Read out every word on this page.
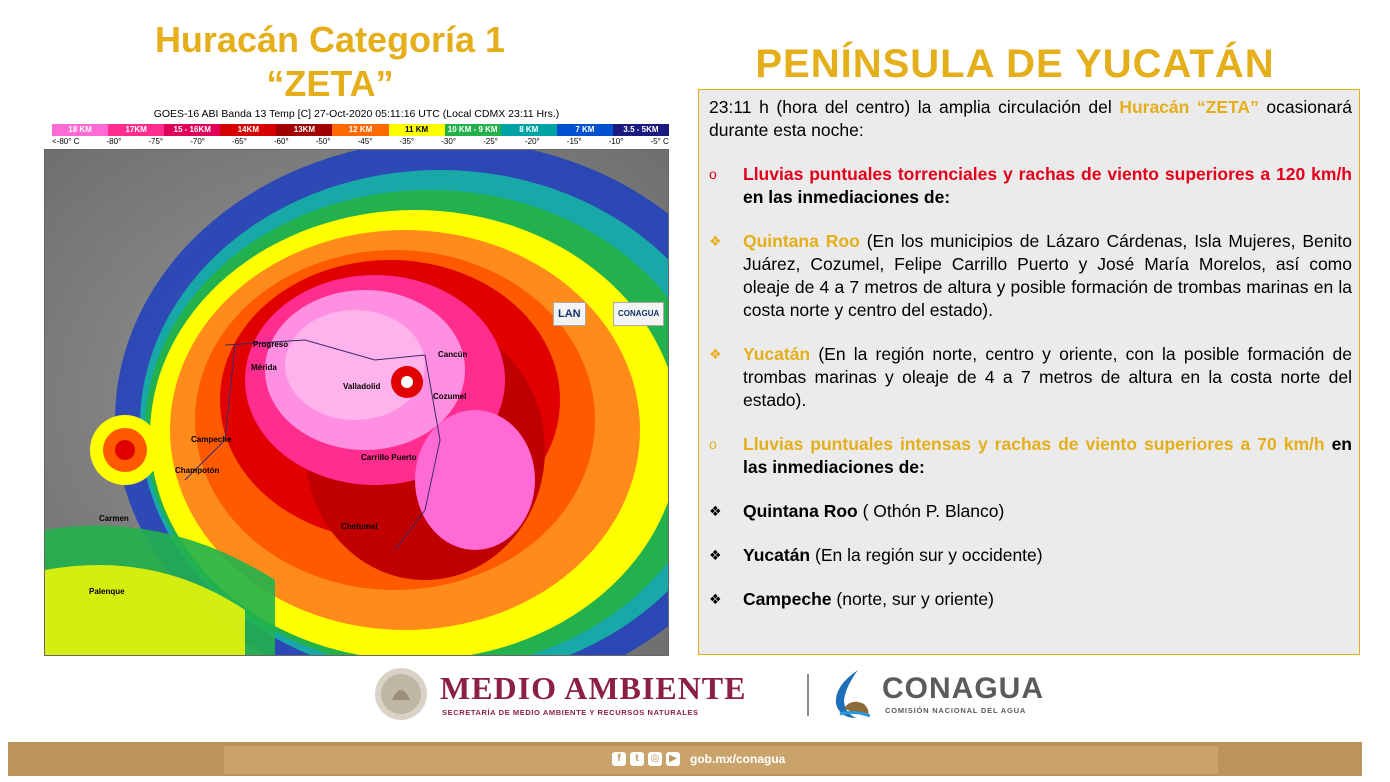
Huracán Categoría 1
“ZETA”	PENÍNSULA DE YUCATÁN
GOES-16 ABI Banda 13 Temp [C] 27-Oct-2020 05:11:16 UTC (Local CDMX 23:11 Hrs.)
18 KM	17KM	15 - 16KM	14KM	13KM	12 KM	11 KM	10 KM - 9 KM	8 KM	7 KM	3.5 - 5KM
<-80° C	-80°	-75°	-70°	-65°	-60°	-50°	-45°	-35°	-30°	-25°	-20°	-15°	-10°	-5° C
LAN	CONAGUA
Progreso
Mérida
Valladolid
Cancún
Cozumel
Campeche
Champotón
Carrillo Puerto
Chetumal
Carmen
Palenque

23:11 h (hora del centro) la amplia circulación del Huracán “ZETA” ocasionará durante esta noche:

o Lluvias puntuales torrenciales y rachas de viento superiores a 120 km/h en las inmediaciones de:
❖ Quintana Roo (En los municipios de Lázaro Cárdenas, Isla Mujeres, Benito Juárez, Cozumel, Felipe Carrillo Puerto y José María Morelos, así como oleaje de 4 a 7 metros de altura y posible formación de trombas marinas en la costa norte y centro del estado).
❖ Yucatán (En la región norte, centro y oriente, con la posible formación de trombas marinas y oleaje de 4 a 7 metros de altura en la costa norte del estado).
o Lluvias puntuales intensas y rachas de viento superiores a 70 km/h en las inmediaciones de:
❖ Quintana Roo ( Othón P. Blanco)
❖ Yucatán (En la región sur y occidente)
❖ Campeche (norte, sur y oriente)
MEDIO AMBIENTE
SECRETARÍA DE MEDIO AMBIENTE Y RECURSOS NATURALES
CONAGUA
COMISIÓN NACIONAL DEL AGUA
f	t	◎ ▶ gob.mx/conagua
